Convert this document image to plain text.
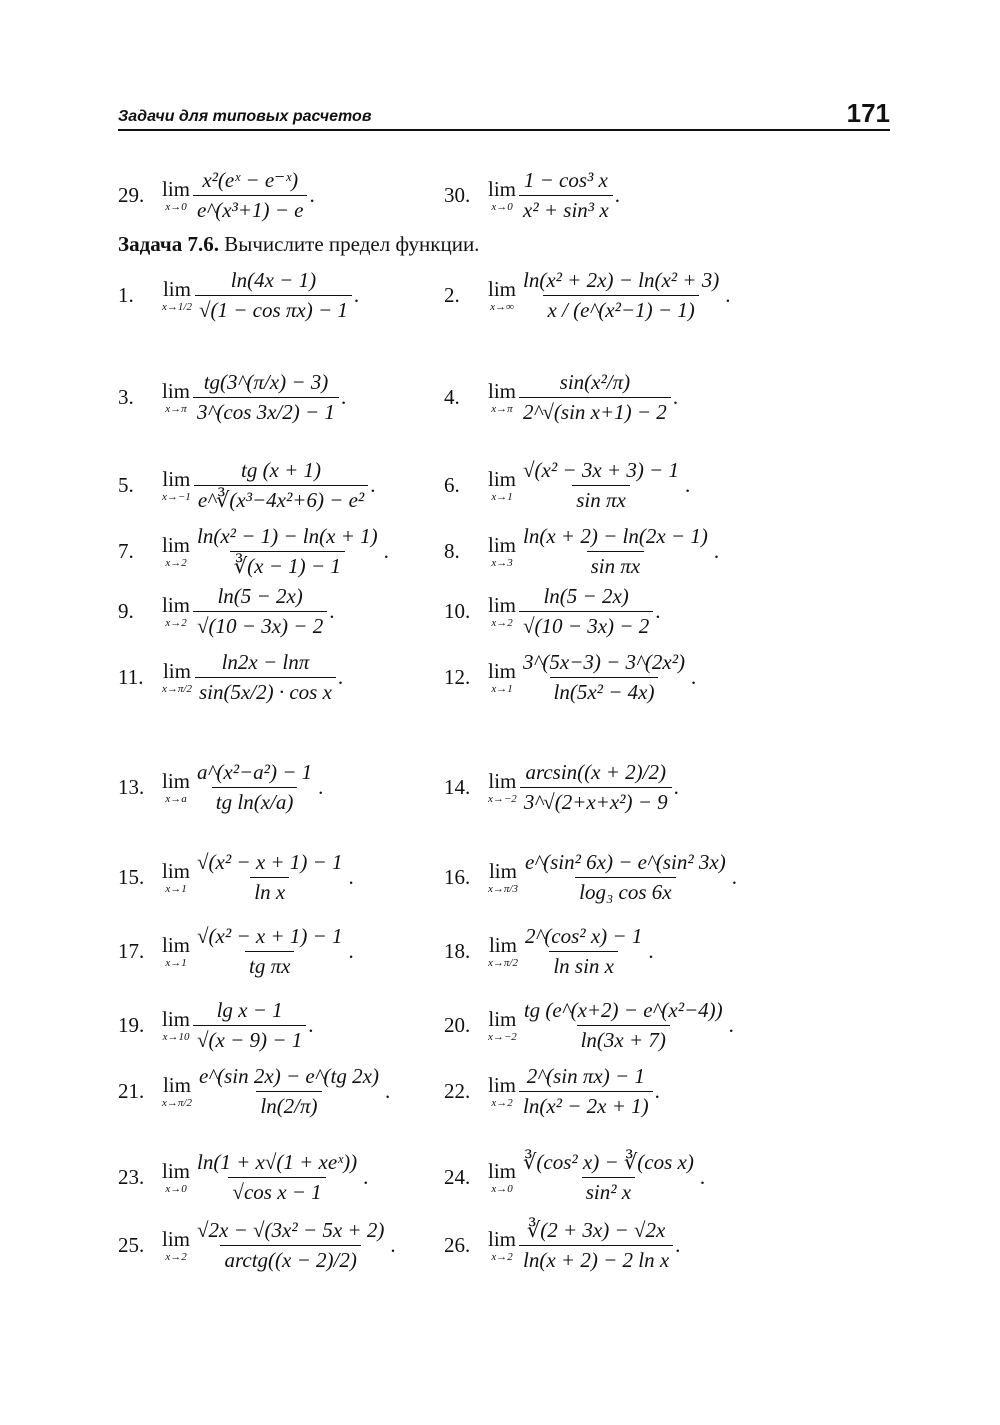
Задачи для типовых расчетов	171
29. lim
$x\to 0 \frac{\text{x²(eˣ − e⁻ˣ)}}{\text{e\textasciicircum{}(x³+1) − e}}$ .	30. lim
$x\to 0 \frac{\text{1 − cos³ x}}{\text{x² + sin³ x}}$ .
Задача 7.6. Вычислите предел функции.
1.	lim
$x\to 1/2 \frac{\ln(4x - 1)}{\text{√(1 − cos πx) − 1}}$ .	2.	lim
$x\to\infty \frac{\text{ln(x² + 2x) − ln(x² + 3)}}{\text{x / (e\textasciicircum{}(x²−1) − 1)}}$ .
3.	lim
$x\to\pi \frac{tg(3\^{}(\pi/x) - 3)}{3\^{}(\cos 3x/2) - 1}$ .	4.	lim
$x\to\pi \frac{\text{sin(x²/π)}}{\text{2\textasciicircum{}√(sin x+1) − 2}}$ .
5.	lim
$x\to-1 \frac{tg (x + 1)}{\text{e\textasciicircum{}∛(x³−4x²+6) − e²}}$ .	6.	lim
$x\to 1 \frac{\text{√(x² − 3x + 3) − 1}}{\text{sin πx}}$ .
7.	lim
$x\to 2 \frac{\text{ln(x² − 1) − ln(x + 1)}}{∛(x - 1) - 1}$ .	8.	lim
$x\to 3 \frac{\ln(x + 2) - \ln(2x - 1)}{\text{sin πx}}$ .
9.	lim
$x\to 2 \frac{\ln(5 - 2x)}{√(10 - 3x) - 2}$ .	10. lim
$x\to 2 \frac{\ln(5 - 2x)}{√(10 - 3x) - 2}$ .
11. lim
$x\to\pi/2 \frac{\ln 2x - \ln\pi}{\text{sin(5x/2) · cos x}}$ .	12. lim
$x\to 1 \frac{\text{3\textasciicircum{}(5x−3) − 3\textasciicircum{}(2x²)}}{\text{ln(5x² − 4x)}}$ .
13. lim
$x\to a \frac{\text{a\textasciicircum{}(x²−a²) − 1}}{\text{tg ln(x/a)}}$ .	14. lim
$x\to-2 \frac{\arcsin((x + 2)/2)}{\text{3\textasciicircum{}√(2+x+x²) − 9}}$ .
15. lim
$x\to 1 \frac{\text{√(x² − x + 1) − 1}}{\text{ln x}}$ .	16. lim
$x\to\pi/3 \frac{\text{e\textasciicircum{}(sin² 6x) − e\textasciicircum{}(sin² 3x)}}{\text{log₃ cos 6x}}$ .
17. lim
$x\to 1 \frac{\text{√(x² − x + 1) − 1}}{\text{tg πx}}$ .	18. lim
$x\to\pi/2 \frac{\text{2\textasciicircum{}(cos² x) − 1}}{\text{ln sin x}}$ .
19. lim
$x\to 10 \frac{\text{lg x − 1}}{√(x - 9) - 1}$ .	20. lim
$x\to-2 \frac{\text{tg (e\textasciicircum{}(x+2) − e\textasciicircum{}(x²−4))}}{\ln(3x + 7)}$ .
21. lim
$x\to\pi/2 \frac{e\^{}(\sin 2x) - e\^{}(tg 2x)}{\ln(2/\pi)}$ .	22. lim
$x\to 2 \frac{\text{2\textasciicircum{}(sin πx) − 1}}{\text{ln(x² − 2x + 1)}}$ .
23. lim
$x\to 0 \frac{\text{ln(1 + x√(1 + xeˣ))}}{\text{√cos x − 1}}$ .	24. lim
$x\to 0 \frac{\text{∛(cos² x) − ∛(cos x)}}{\text{sin² x}}$ .
25. lim
$x\to 2 \frac{\text{√2x − √(3x² − 5x + 2)}}{\text{arctg((x − 2)/2)}}$ . 26. lim
$x\to 2 \frac{∛(2 + 3x) - √2x}{\text{ln(x + 2) − 2 ln x}}$ .
